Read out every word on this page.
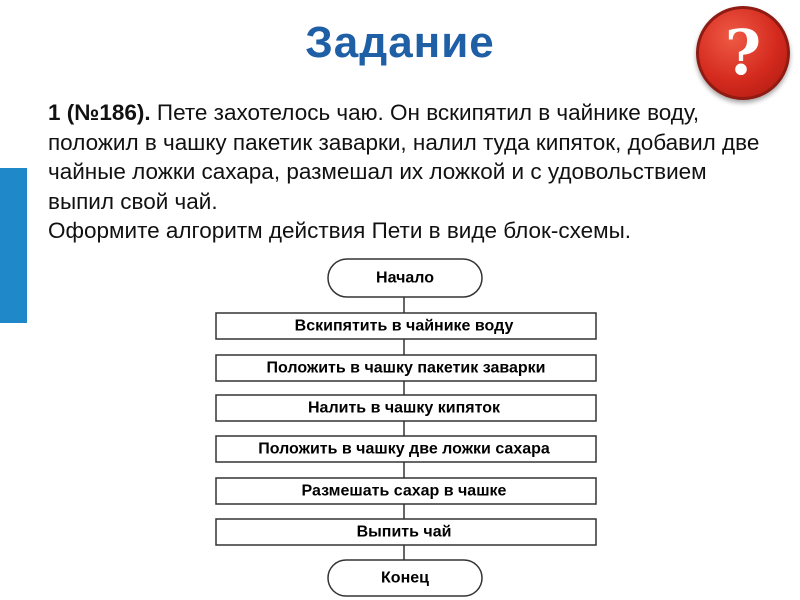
Задание	?
1 (№186). Пете захотелось чаю. Он вскипятил в чайнике воду, положил в чашку пакетик заварки, налил туда кипяток, добавил две чайные ложки сахара, размешал их ложкой и с удовольствием выпил свой чай.
Оформите алгоритм действия Пети в виде блок-схемы.
Начало
Вскипятить в чайнике воду
Положить в чашку пакетик заварки
Налить в чашку кипяток
Положить в чашку две ложки сахара
Размешать сахар в чашке
Выпить чай
Конец
